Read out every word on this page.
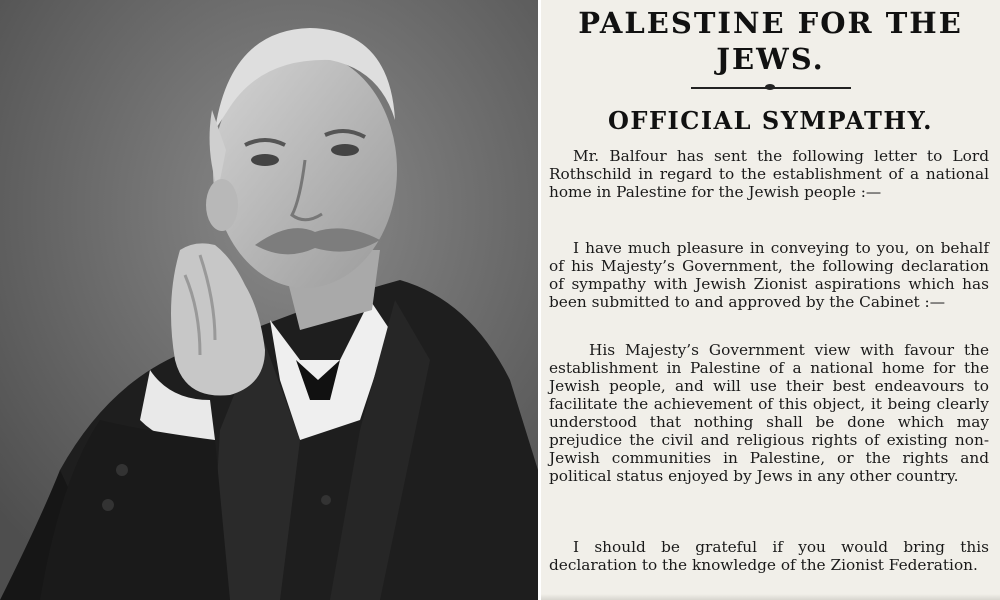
PALESTINE FOR THE
JEWS.
OFFICIAL SYMPATHY.
Mr. Balfour has sent the following letter to Lord Rothschild in regard to the establishment of a national home in Palestine for the Jewish people :—
I have much pleasure in conveying to you, on behalf of his Majesty’s Government, the following declaration of sympathy with Jewish Zionist aspirations which has been submitted to and approved by the Cabinet :—
His Majesty’s Government view with favour the establishment in Palestine of a national home for the Jewish people, and will use their best endeavours to facilitate the achievement of this object, it being clearly understood that nothing shall be done which may prejudice the civil and religious rights of existing non-Jewish communities in Palestine, or the rights and political status enjoyed by Jews in any other country.
I should be grateful if you would bring this declaration to the knowledge of the Zionist Federation.
